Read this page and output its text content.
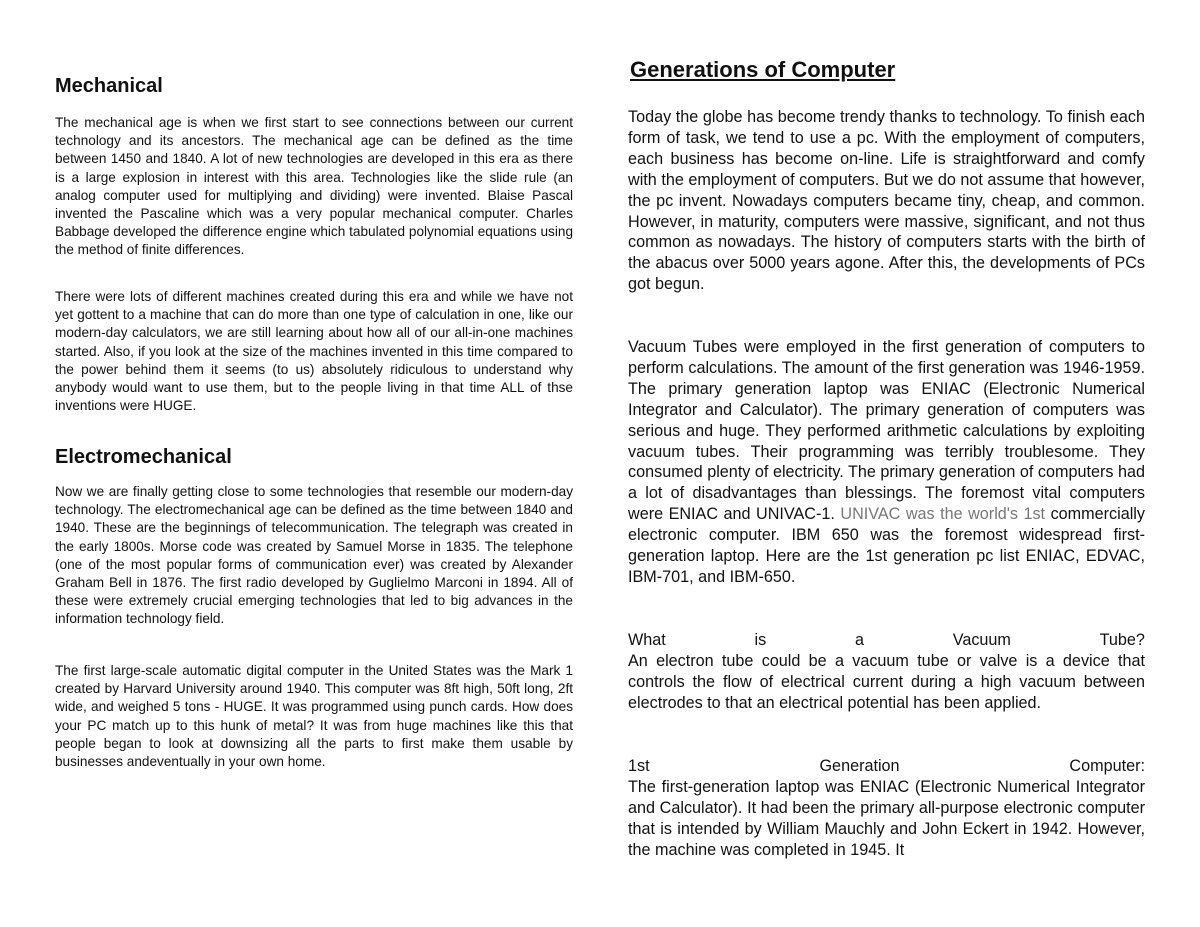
Mechanical

The mechanical age is when we first start to see connections between our current technology and its ancestors. The mechanical age can be defined as the time between 1450 and 1840. A lot of new technologies are developed in this era as there is a large explosion in interest with this area. Technologies like the slide rule (an analog computer used for multiplying and dividing) were invented. Blaise Pascal invented the Pascaline which was a very popular mechanical computer. Charles Babbage developed the difference engine which tabulated polynomial equations using the method of finite differences.

There were lots of different machines created during this era and while we have not yet gottent to a machine that can do more than one type of calculation in one, like our modern-day calculators, we are still learning about how all of our all-in-one machines started. Also, if you look at the size of the machines invented in this time compared to the power behind them it seems (to us) absolutely ridiculous to understand why anybody would want to use them, but to the people living in that time ALL of thse inventions were HUGE.

Electromechanical

Now we are finally getting close to some technologies that resemble our modern-day technology. The electromechanical age can be defined as the time between 1840 and 1940. These are the beginnings of telecommunication. The telegraph was created in the early 1800s. Morse code was created by Samuel Morse in 1835. The telephone (one of the most popular forms of communication ever) was created by Alexander Graham Bell in 1876. The first radio developed by Guglielmo Marconi in 1894. All of these were extremely crucial emerging technologies that led to big advances in the information technology field.

The first large-scale automatic digital computer in the United States was the Mark 1 created by Harvard University around 1940. This computer was 8ft high, 50ft long, 2ft wide, and weighed 5 tons - HUGE. It was programmed using punch cards. How does your PC match up to this hunk of metal? It was from huge machines like this that people began to look at downsizing all the parts to first make them usable by businesses andeventually in your own home.

Generations of Computer

Today the globe has become trendy thanks to technology. To finish each form of task, we tend to use a pc. With the employment of computers, each business has become on-line. Life is straightforward and comfy with the employment of computers. But we do not assume that however, the pc invent. Nowadays computers became tiny, cheap, and common. However, in maturity, computers were massive, significant, and not thus common as nowadays. The history of computers starts with the birth of the abacus over 5000 years agone. After this, the developments of PCs got begun.

Vacuum Tubes were employed in the first generation of computers to perform calculations. The amount of the first generation was 1946-1959. The primary generation laptop was ENIAC (Electronic Numerical Integrator and Calculator). The primary generation of computers was serious and huge. They performed arithmetic calculations by exploiting vacuum tubes. Their programming was terribly troublesome. They consumed plenty of electricity. The primary generation of computers had a lot of disadvantages than blessings. The foremost vital computers were ENIAC and UNIVAC-1. UNIVAC was the world's 1st commercially electronic computer. IBM 650 was the foremost widespread first-generation laptop. Here are the 1st generation pc list ENIAC, EDVAC, IBM-701, and IBM-650.

What	is	a	Vacuum	Tube?
An electron tube could be a vacuum tube or valve is a device that controls the flow of electrical current during a high vacuum between electrodes to that an electrical potential has been applied.
1st	Generation	Computer:
The first-generation laptop was ENIAC (Electronic Numerical Integrator and Calculator). It had been the primary all-purpose electronic computer that is intended by William Mauchly and John Eckert in 1942. However, the machine was completed in 1945. It
